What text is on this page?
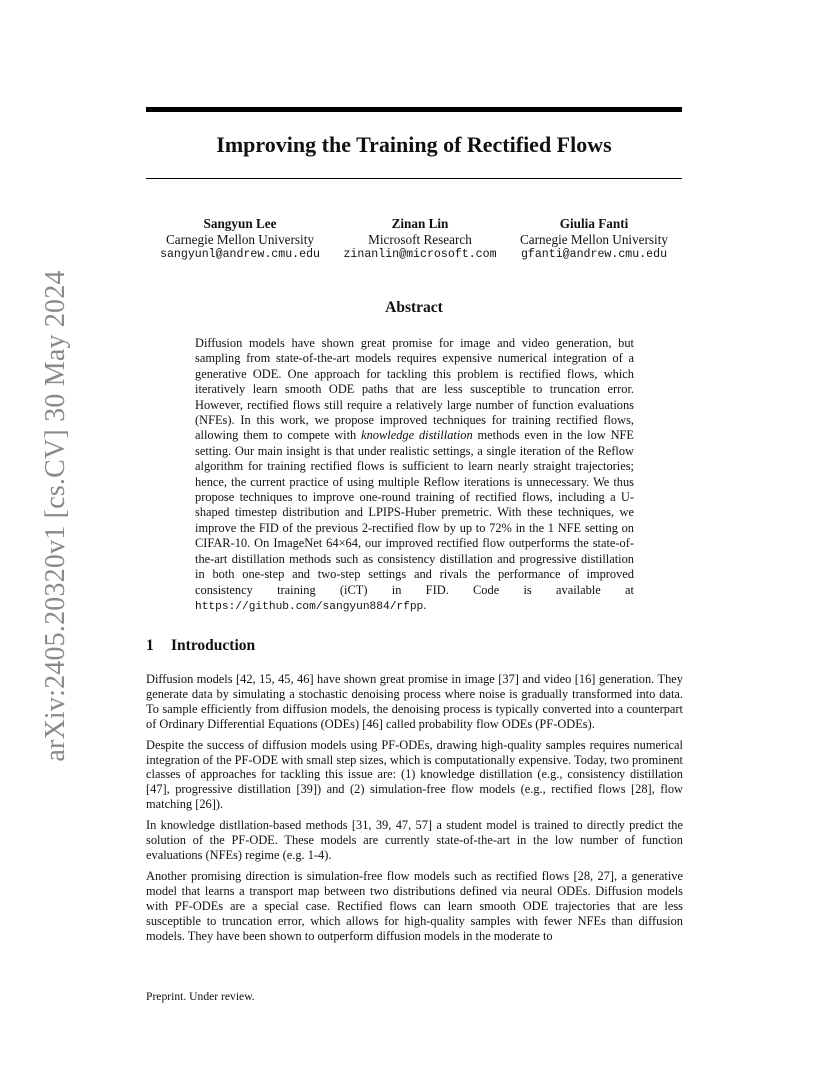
arXiv:2405.20320v1 [cs.CV] 30 May 2024
Improving the Training of Rectified Flows
Sangyun Lee
Carnegie Mellon University
sangyunl@andrew.cmu.edu
Zinan Lin
Microsoft Research
zinanlin@microsoft.com
Giulia Fanti
Carnegie Mellon University
gfanti@andrew.cmu.edu
Abstract

Diffusion models have shown great promise for image and video generation, but sampling from state-of-the-art models requires expensive numerical integration of a generative ODE. One approach for tackling this problem is rectified flows, which iteratively learn smooth ODE paths that are less susceptible to truncation error. However, rectified flows still require a relatively large number of function evaluations (NFEs). In this work, we propose improved techniques for training rectified flows, allowing them to compete with knowledge distillation methods even in the low NFE setting. Our main insight is that under realistic settings, a single iteration of the Reflow algorithm for training rectified flows is sufficient to learn nearly straight trajectories; hence, the current practice of using multiple Reflow iterations is unnecessary. We thus propose techniques to improve one-round training of rectified flows, including a U-shaped timestep distribution and LPIPS-Huber premetric. With these techniques, we improve the FID of the previous 2-rectified flow by up to 72% in the 1 NFE setting on CIFAR-10. On ImageNet 64×64, our improved rectified flow outperforms the state-of-the-art distillation methods such as consistency distillation and progressive distillation in both one-step and two-step settings and rivals the performance of improved consistency training (iCT) in FID. Code is available at https://github.com/sangyun884/rfpp.

1 Introduction

Diffusion models [42, 15, 45, 46] have shown great promise in image [37] and video [16] generation. They generate data by simulating a stochastic denoising process where noise is gradually transformed into data. To sample efficiently from diffusion models, the denoising process is typically converted into a counterpart of Ordinary Differential Equations (ODEs) [46] called probability flow ODEs (PF-ODEs).

Despite the success of diffusion models using PF-ODEs, drawing high-quality samples requires numerical integration of the PF-ODE with small step sizes, which is computationally expensive. Today, two prominent classes of approaches for tackling this issue are: (1) knowledge distillation (e.g., consistency distillation [47], progressive distillation [39]) and (2) simulation-free flow models (e.g., rectified flows [28], flow matching [26]).

In knowledge distllation-based methods [31, 39, 47, 57] a student model is trained to directly predict the solution of the PF-ODE. These models are currently state-of-the-art in the low number of function evaluations (NFEs) regime (e.g. 1-4).

Another promising direction is simulation-free flow models such as rectified flows [28, 27], a generative model that learns a transport map between two distributions defined via neural ODEs. Diffusion models with PF-ODEs are a special case. Rectified flows can learn smooth ODE trajectories that are less susceptible to truncation error, which allows for high-quality samples with fewer NFEs than diffusion models. They have been shown to outperform diffusion models in the moderate to

Preprint. Under review.
